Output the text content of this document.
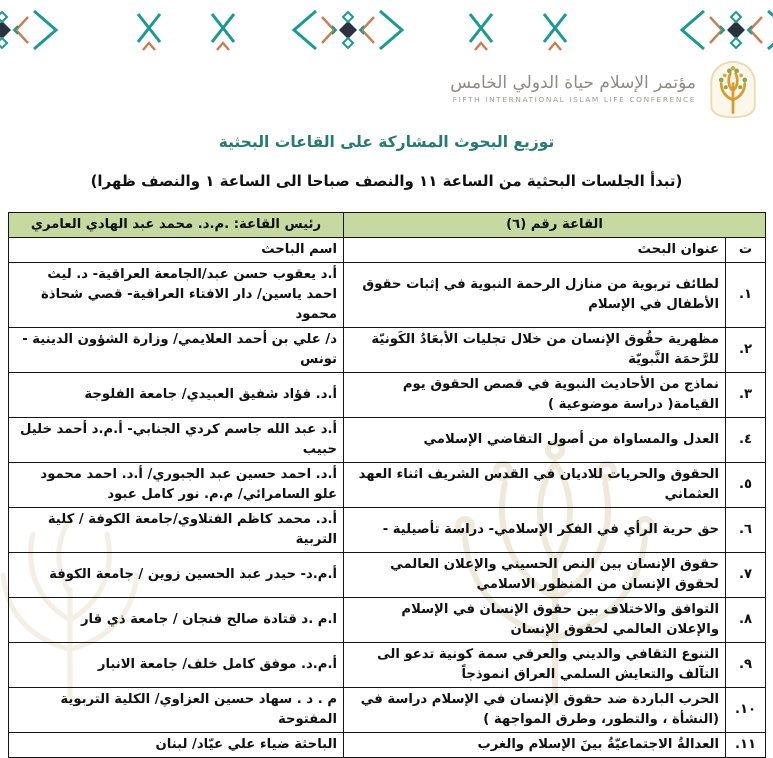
مؤتمر الإسلام حياة الدولي الخامس
FIFTH INTERNATIONAL ISLAM LIFE CONFERENCE
توزيع البحوث المشاركة على القاعات البحثية
(تبدأ الجلسات البحثية من الساعة ١١ والنصف صباحا الى الساعة ١ والنصف ظهرا)
القاعة رقم (٦)		رئيس القاعة: .م.د. محمد عبد الهادي العامري
ت	عنوان البحث	اسم الباحث
١.	لطائف تربوية من منازل الرحمة النبوية في إثبات حقوق الأطفال في الإسلام	أ.د يعقوب حسن عبد/الجامعة العراقية- د. ليث احمد ياسين/ دار الافتاء العراقية- قصي شحاذة محمود
٢.	مظهرية حقُوق الإنسان من خلال تجليات الأبعَادُ الكَونيّة للرَّحمَة النَّبويّة	د/ علي بن أحمد العلايمي/ وزارة الشؤون الدينية - تونس
٣.	نماذج من الأحاديث النبوية في قصص الحقوق يوم القيامة( دراسة موضوعية )	أ.د. فؤاد شفيق العبيدي/ جامعة الفلوجة
٤.	العدل والمساواة من أصول التقاضي الإسلامي	أ.د عبد الله جاسم كردي الجنابي- أ.م.د أحمد خليل حبيب
٥.	الحقوق والحريات للاديان في القدس الشريف اثناء العهد العثماني	أ.د. احمد حسين عبد الجبوري/ أ.د. احمد محمود علو السامرائي/ م.م. نور كامل عبود
٦.	حق حرية الرأي في الفكر الإسلامي- دراسة تأصيلية -	أ.د. محمد كاظم الفتلاوي/جامعة الكوفة / كلية التربية
٧.	حقوق الإنسان بين النص الحسيني والإعلان العالمي لحقوق الإنسان من المنظور الاسلامي	أ.م.د- حيدر عبد الحسين زوين / جامعة الكوفة
٨.	التوافق والاختلاف بين حقوق الإنسان في الإسلام والإعلان العالمي لحقوق الإنسان	ا.م .د قتادة صالح فنجان / جامعة ذي قار
٩.	التنوع الثقافي والديني والعرقي سمة كونية تدعو الى التآلف والتعايش السلمي العراق انموذجاً	أ.م.د. موفق كامل خلف/ جامعة الانبار
١٠.	الحرب الباردة ضد حقوق الإنسان في الإسلام دراسة في (النشأة ، والتطور، وطرق المواجهة )	م . د . سهاد حسين العزاوي/ الكلية التربوية المفتوحة
١١.	العدالةُ الاجتماعيّةُ بينَ الإسلام والغرب	الباحثة ضياء علي عيّاد/ لبنان
